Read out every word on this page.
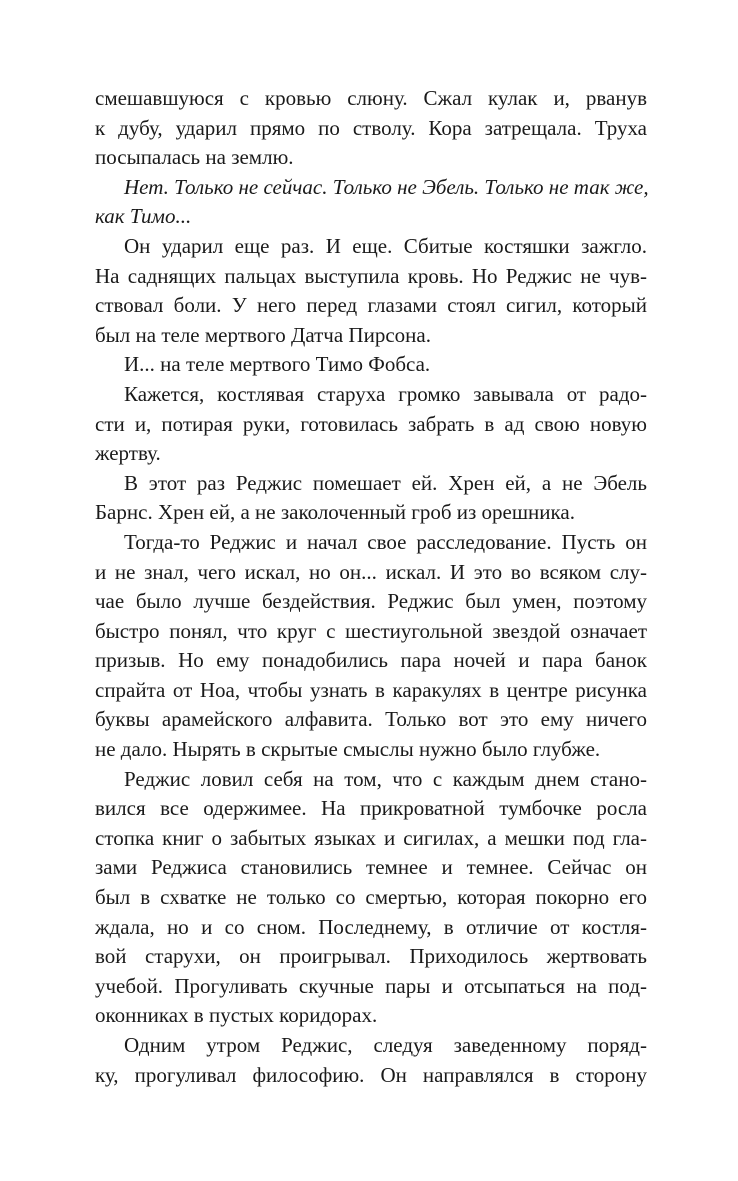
смешавшуюся с кровью слюну. Сжал кулак и, рванув
к дубу, ударил прямо по стволу. Кора затрещала. Труха
посыпалась на землю.
Нет. Только не сейчас. Только не Эбель. Только не так же,
как Тимо...
Он ударил еще раз. И еще. Сбитые костяшки зажгло.
На саднящих пальцах выступила кровь. Но Реджис не чув-
ствовал боли. У него перед глазами стоял сигил, который
был на теле мертвого Датча Пирсона.
И... на теле мертвого Тимо Фобса.
Кажется, костлявая старуха громко завывала от радо-
сти и, потирая руки, готовилась забрать в ад свою новую
жертву.
В этот раз Реджис помешает ей. Хрен ей, а не Эбель
Барнс. Хрен ей, а не заколоченный гроб из орешника.
Тогда-то Реджис и начал свое расследование. Пусть он
и не знал, чего искал, но он... искал. И это во всяком слу-
чае было лучше бездействия. Реджис был умен, поэтому
быстро понял, что круг с шестиугольной звездой означает
призыв. Но ему понадобились пара ночей и пара банок
спрайта от Ноа, чтобы узнать в каракулях в центре рисунка
буквы арамейского алфавита. Только вот это ему ничего
не дало. Нырять в скрытые смыслы нужно было глубже.
Реджис ловил себя на том, что с каждым днем стано-
вился все одержимее. На прикроватной тумбочке росла
стопка книг о забытых языках и сигилах, а мешки под гла-
зами Реджиса становились темнее и темнее. Сейчас он
был в схватке не только со смертью, которая покорно его
ждала, но и со сном. Последнему, в отличие от костля-
вой старухи, он проигрывал. Приходилось жертвовать
учебой. Прогуливать скучные пары и отсыпаться на под-
оконниках в пустых коридорах.
Одним утром Реджис, следуя заведенному поряд-
ку, прогуливал философию. Он направлялся в сторону
